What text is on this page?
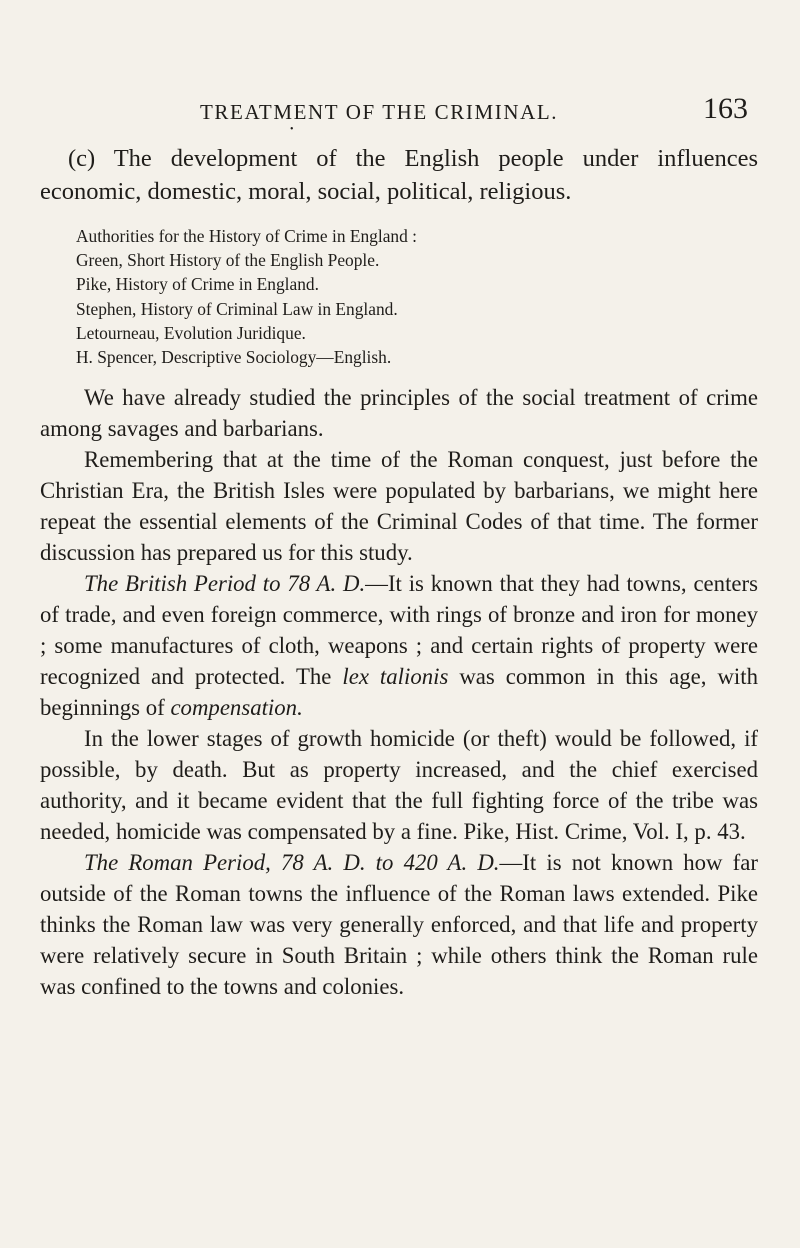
TREATMENT OF THE CRIMINAL.	163
•
(c) The development of the English people under influences economic, domestic, moral, social, political, religious.
Authorities for the History of Crime in England :
Green, Short History of the English People.
Pike, History of Crime in England.
Stephen, History of Criminal Law in England.
Letourneau, Evolution Juridique.
H. Spencer, Descriptive Sociology—English.

We have already studied the principles of the social treatment of crime among savages and barbarians.

Remembering that at the time of the Roman conquest, just before the Christian Era, the British Isles were populated by barbarians, we might here repeat the essential elements of the Criminal Codes of that time. The former discussion has prepared us for this study.

The British Period to 78 A. D.—It is known that they had towns, centers of trade, and even foreign commerce, with rings of bronze and iron for money ; some manufactures of cloth, weapons ; and certain rights of property were recognized and protected. The lex talionis was common in this age, with beginnings of compensation.

In the lower stages of growth homicide (or theft) would be followed, if possible, by death. But as property increased, and the chief exercised authority, and it became evident that the full fighting force of the tribe was needed, homicide was compensated by a fine. Pike, Hist. Crime, Vol. I, p. 43.

The Roman Period, 78 A. D. to 420 A. D.—It is not known how far outside of the Roman towns the influence of the Roman laws extended. Pike thinks the Roman law was very generally enforced, and that life and property were relatively secure in South Britain ; while others think the Roman rule was confined to the towns and colonies.
